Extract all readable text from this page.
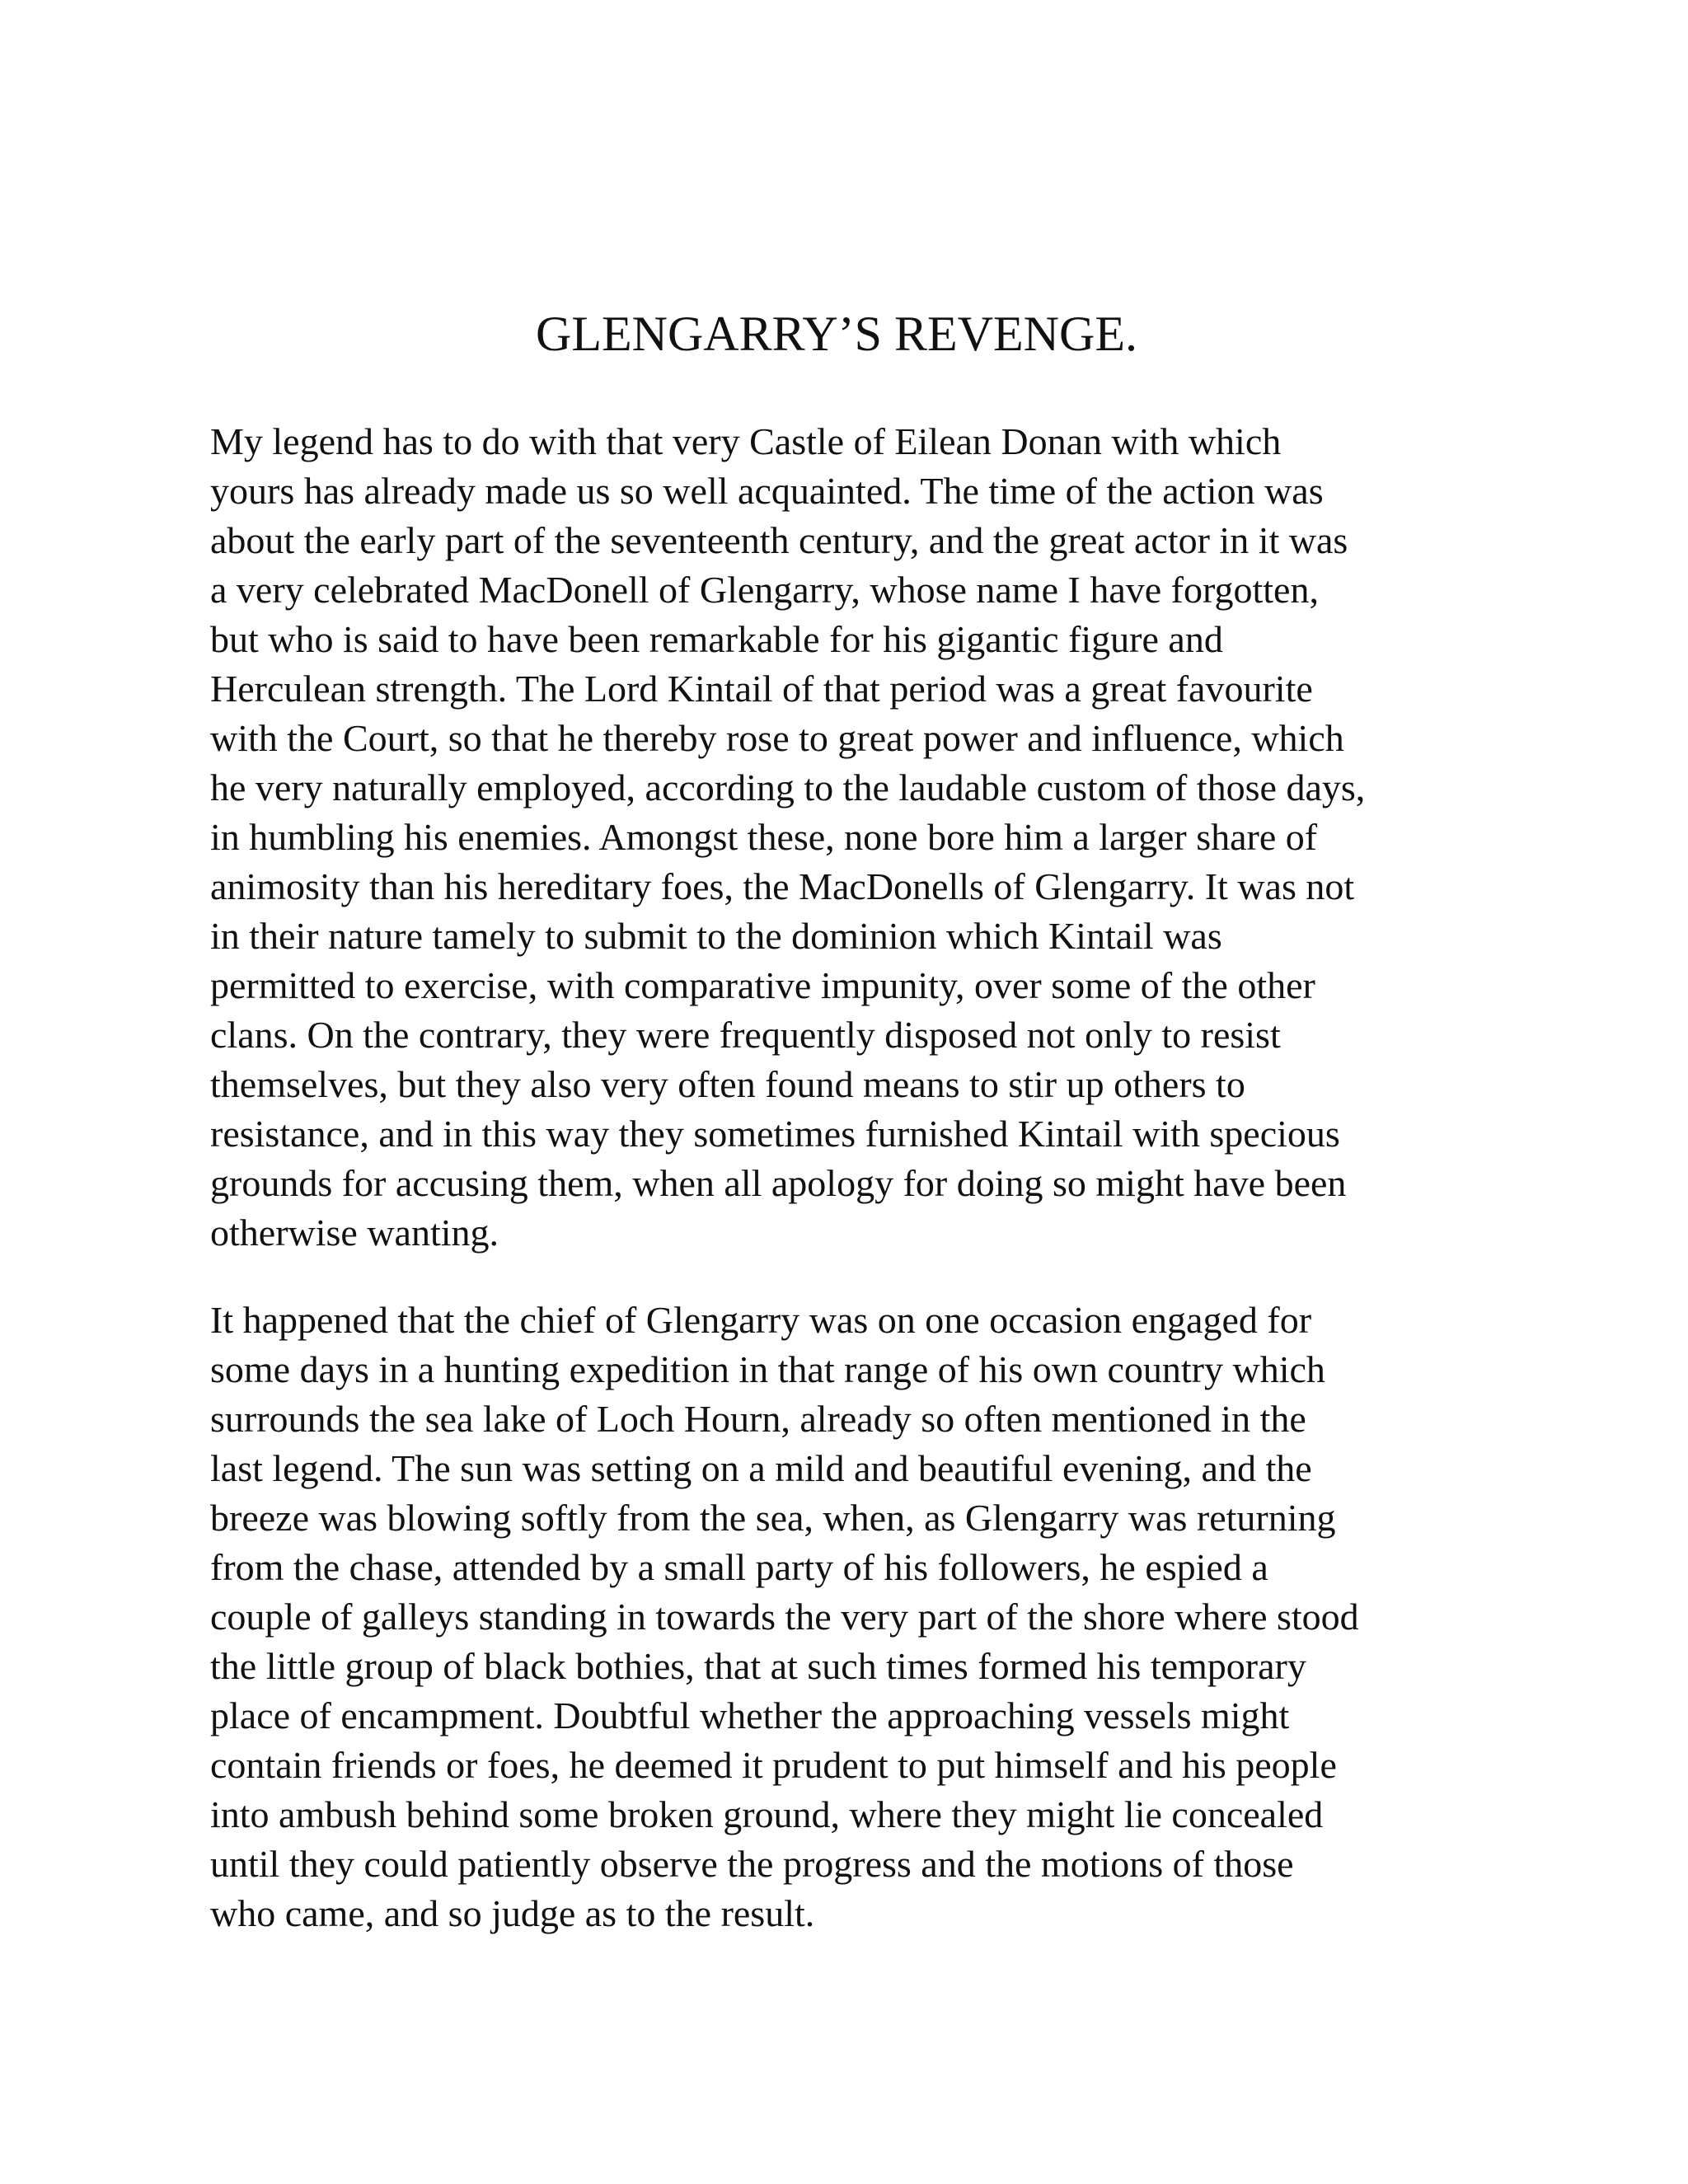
GLENGARRY’S REVENGE.

My legend has to do with that very Castle of Eilean Donan with which
yours has already made us so well acquainted. The time of the action was
about the early part of the seventeenth century, and the great actor in it was
a very celebrated MacDonell of Glengarry, whose name I have forgotten,
but who is said to have been remarkable for his gigantic figure and
Herculean strength. The Lord Kintail of that period was a great favourite
with the Court, so that he thereby rose to great power and influence, which
he very naturally employed, according to the laudable custom of those days,
in humbling his enemies. Amongst these, none bore him a larger share of
animosity than his hereditary foes, the MacDonells of Glengarry. It was not
in their nature tamely to submit to the dominion which Kintail was
permitted to exercise, with comparative impunity, over some of the other
clans. On the contrary, they were frequently disposed not only to resist
themselves, but they also very often found means to stir up others to
resistance, and in this way they sometimes furnished Kintail with specious
grounds for accusing them, when all apology for doing so might have been
otherwise wanting.

It happened that the chief of Glengarry was on one occasion engaged for
some days in a hunting expedition in that range of his own country which
surrounds the sea lake of Loch Hourn, already so often mentioned in the
last legend. The sun was setting on a mild and beautiful evening, and the
breeze was blowing softly from the sea, when, as Glengarry was returning
from the chase, attended by a small party of his followers, he espied a
couple of galleys standing in towards the very part of the shore where stood
the little group of black bothies, that at such times formed his temporary
place of encampment. Doubtful whether the approaching vessels might
contain friends or foes, he deemed it prudent to put himself and his people
into ambush behind some broken ground, where they might lie concealed
until they could patiently observe the progress and the motions of those
who came, and so judge as to the result.
